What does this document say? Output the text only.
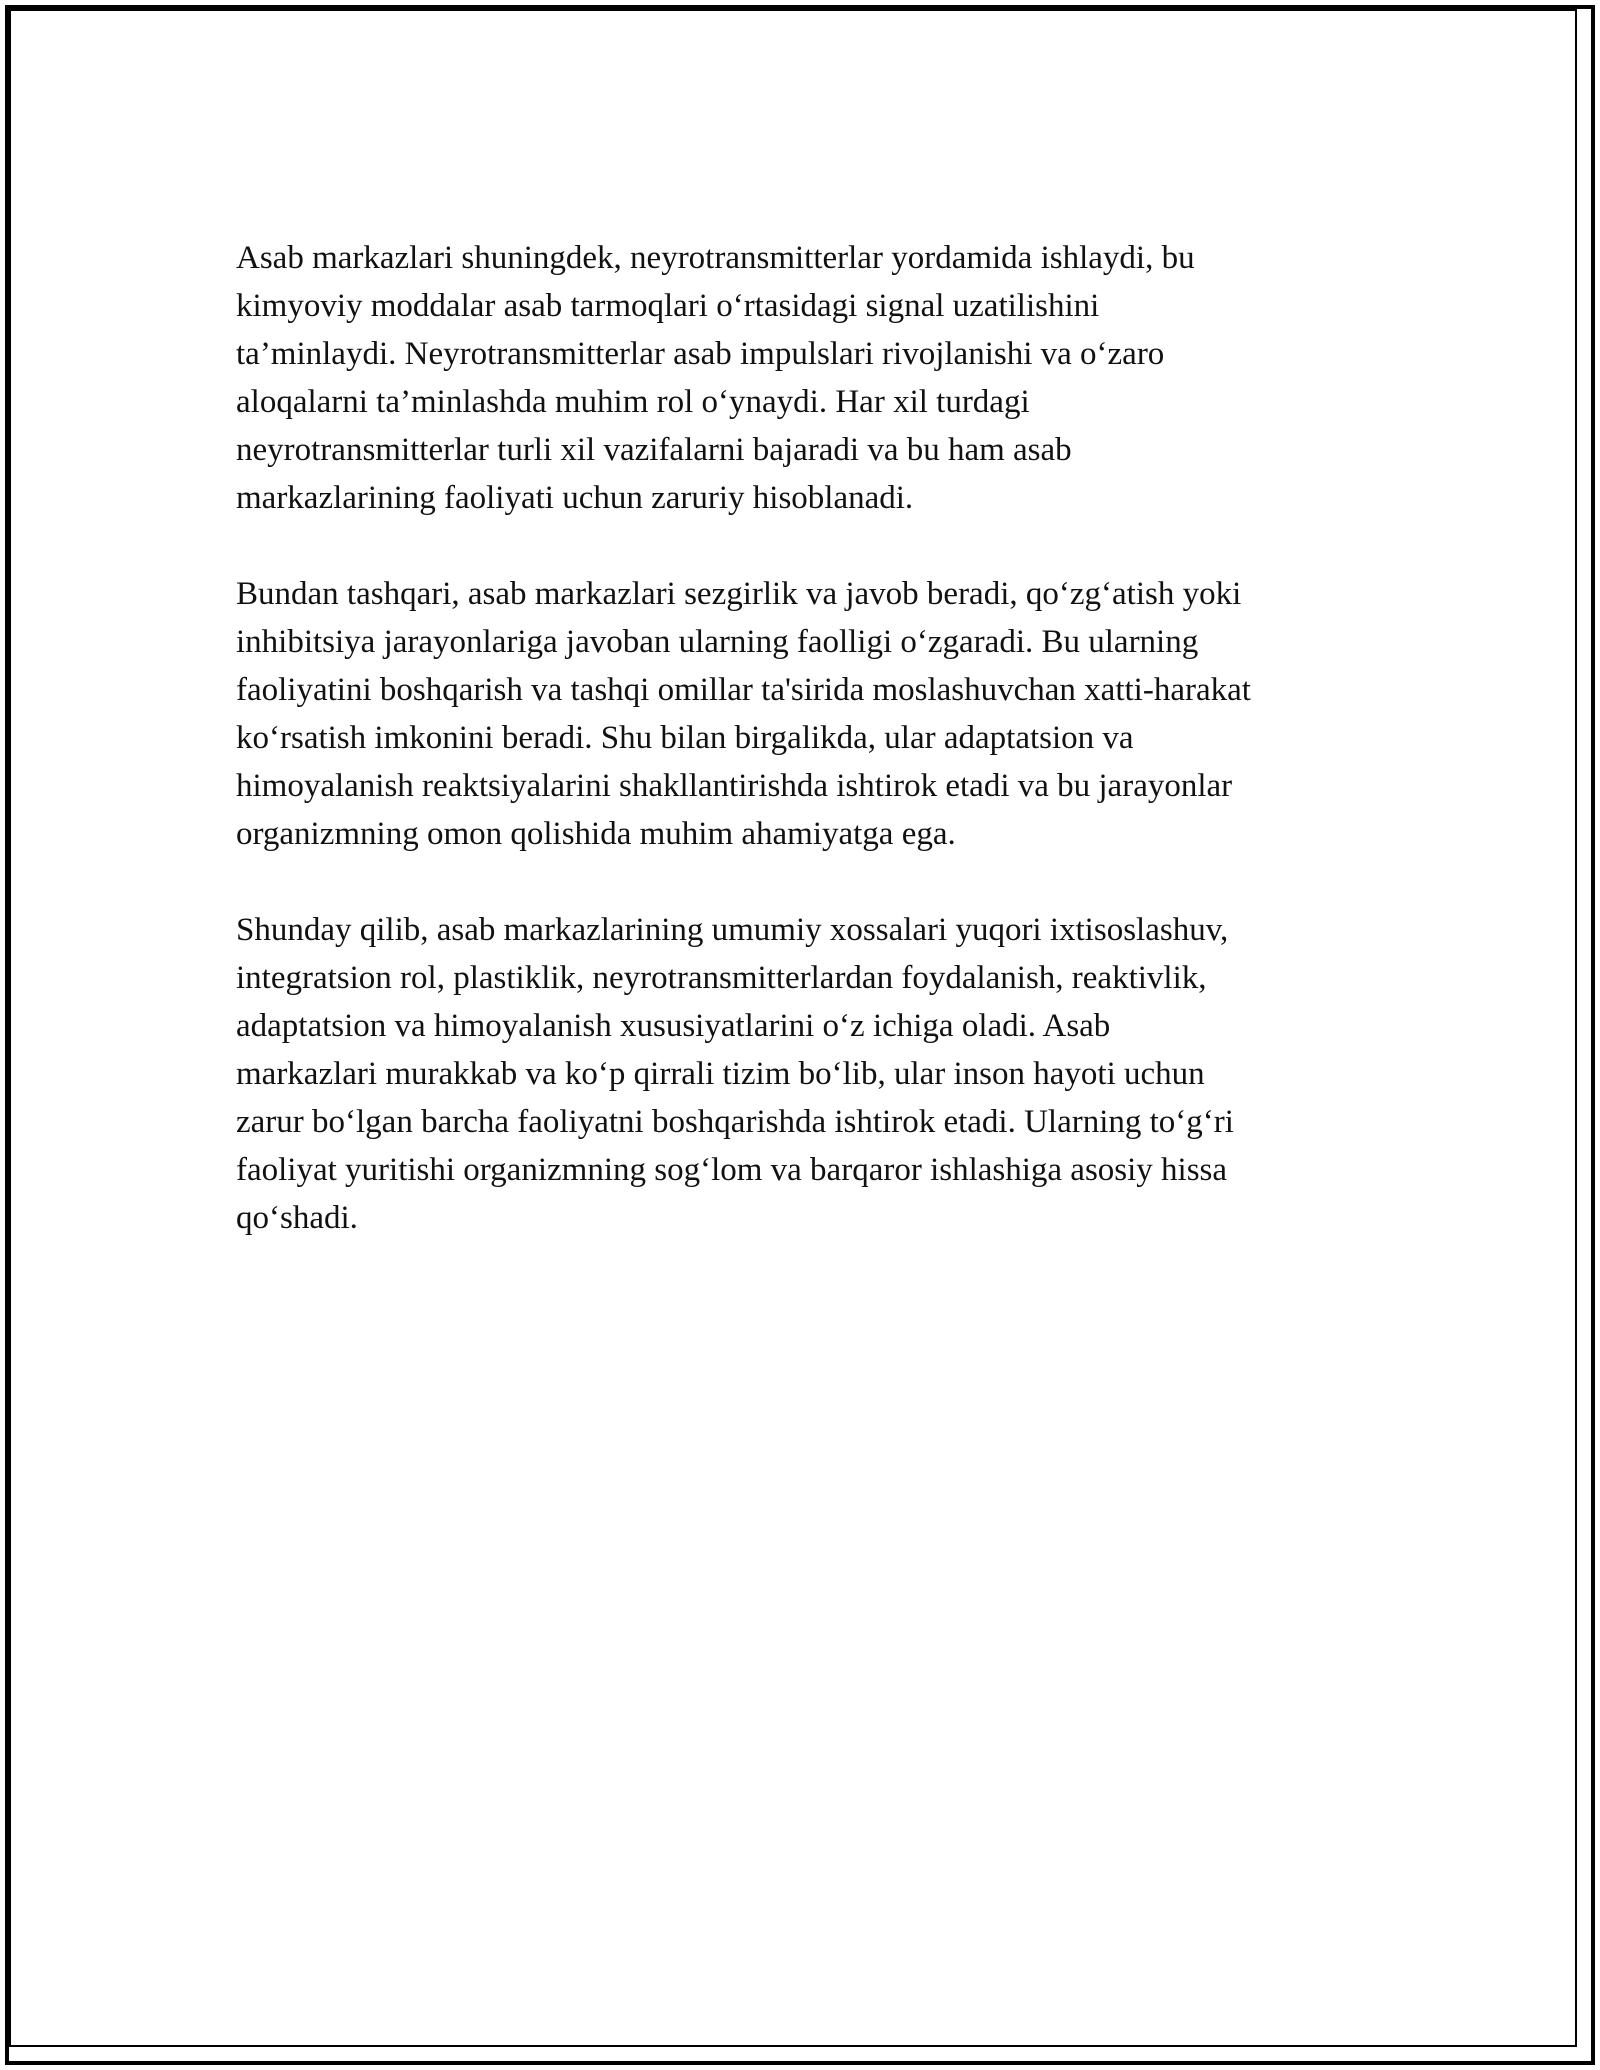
Asab markazlari shuningdek, neyrotransmitterlar yordamida ishlaydi, bu
kimyoviy moddalar asab tarmoqlari o‘rtasidagi signal uzatilishini
ta’minlaydi. Neyrotransmitterlar asab impulslari rivojlanishi va o‘zaro
aloqalarni ta’minlashda muhim rol o‘ynaydi. Har xil turdagi
neyrotransmitterlar turli xil vazifalarni bajaradi va bu ham asab
markazlarining faoliyati uchun zaruriy hisoblanadi.

Bundan tashqari, asab markazlari sezgirlik va javob beradi, qo‘zg‘atish yoki
inhibitsiya jarayonlariga javoban ularning faolligi o‘zgaradi. Bu ularning
faoliyatini boshqarish va tashqi omillar ta'sirida moslashuvchan xatti-harakat
ko‘rsatish imkonini beradi. Shu bilan birgalikda, ular adaptatsion va
himoyalanish reaktsiyalarini shakllantirishda ishtirok etadi va bu jarayonlar
organizmning omon qolishida muhim ahamiyatga ega.

Shunday qilib, asab markazlarining umumiy xossalari yuqori ixtisoslashuv,
integratsion rol, plastiklik, neyrotransmitterlardan foydalanish, reaktivlik,
adaptatsion va himoyalanish xususiyatlarini o‘z ichiga oladi. Asab
markazlari murakkab va ko‘p qirrali tizim bo‘lib, ular inson hayoti uchun
zarur bo‘lgan barcha faoliyatni boshqarishda ishtirok etadi. Ularning to‘g‘ri
faoliyat yuritishi organizmning sog‘lom va barqaror ishlashiga asosiy hissa
qo‘shadi.
